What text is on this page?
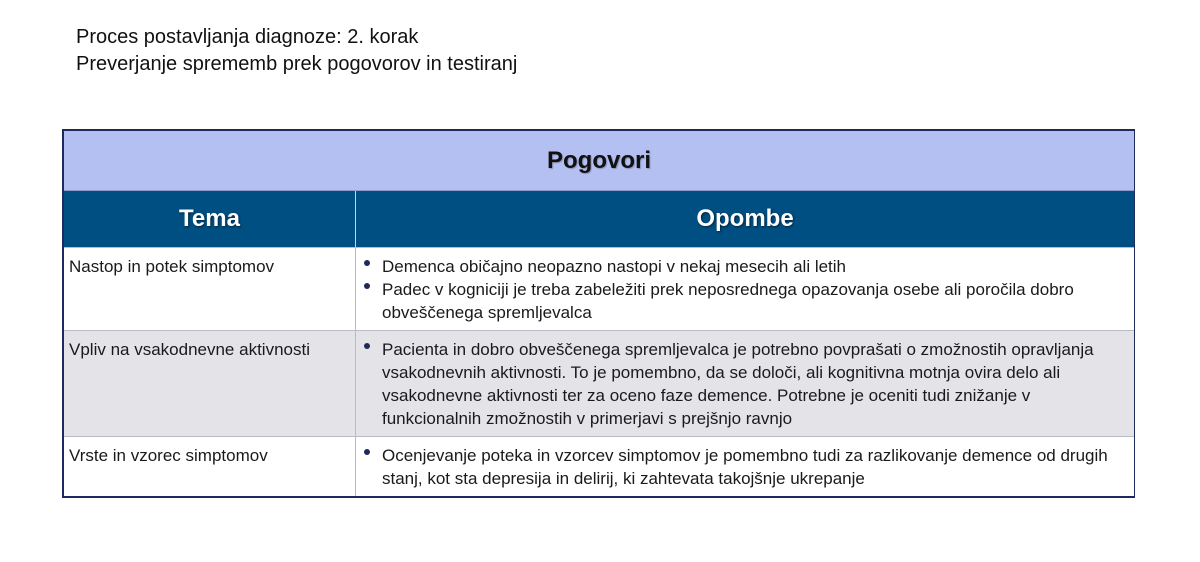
Proces postavljanja diagnoze: 2. korak
Preverjanje sprememb prek pogovorov in testiranj
Pogovori
Tema	Opombe
Nastop in potek simptomov	Demenca običajno neopazno nastopi v nekaj mesecih ali letih
Padec v kogniciji je treba zabeležiti prek neposrednega opazovanja osebe ali poročila dobro obveščenega spremljevalca
Vpliv na vsakodnevne aktivnosti	Pacienta in dobro obveščenega spremljevalca je potrebno povprašati o zmožnostih opravljanja vsakodnevnih aktivnosti. To je pomembno, da se določi, ali kognitivna motnja ovira delo ali vsakodnevne aktivnosti ter za oceno faze demence. Potrebne je oceniti tudi znižanje v funkcionalnih zmožnostih v primerjavi s prejšnjo ravnjo
Vrste in vzorec simptomov	Ocenjevanje poteka in vzorcev simptomov je pomembno tudi za razlikovanje demence od drugih stanj, kot sta depresija in delirij, ki zahtevata takojšnje ukrepanje
